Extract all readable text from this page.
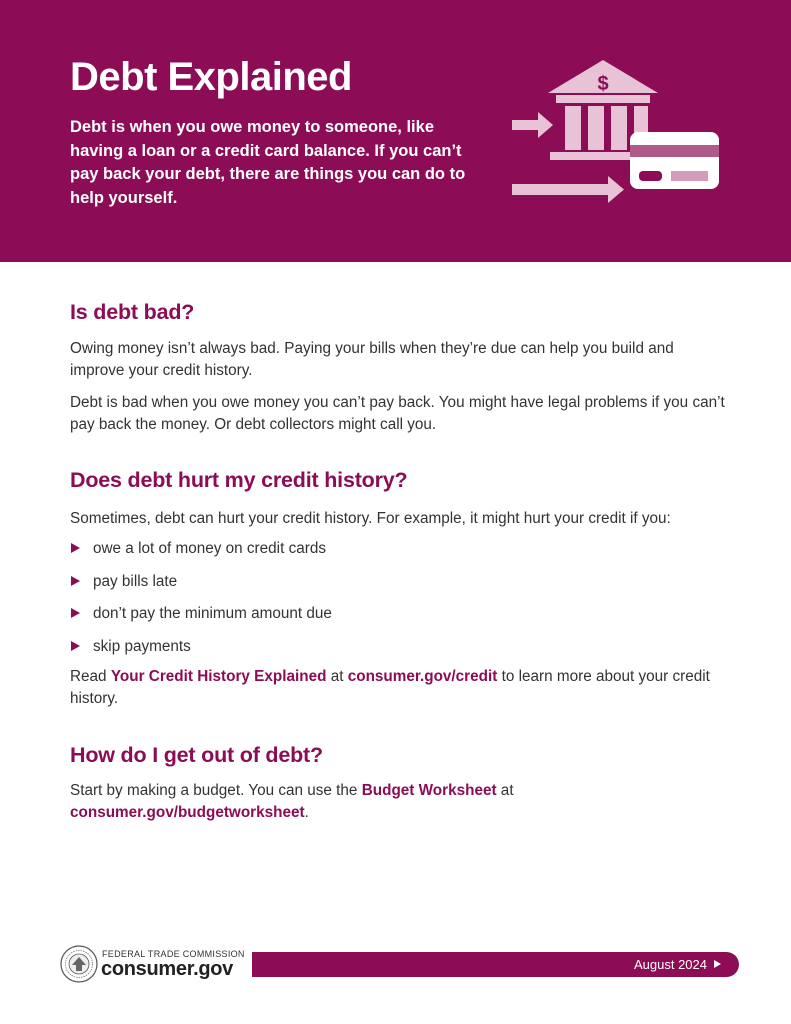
Debt Explained

Debt is when you owe money to someone, like having a loan or a credit card balance. If you can’t pay back your debt, there are things you can do to help yourself.

$
Is debt bad?

Owing money isn’t always bad. Paying your bills when they’re due can help you build and improve your credit history.

Debt is bad when you owe money you can’t pay back. You might have legal problems if you can’t pay back the money. Or debt collectors might call you.

Does debt hurt my credit history?

Sometimes, debt can hurt your credit history. For example, it might hurt your credit if you:

owe a lot of money on credit cards
pay bills late
don’t pay the minimum amount due
skip payments

Read Your Credit History Explained at consumer.gov/credit to learn more about your credit history.

How do I get out of debt?

Start by making a budget. You can use the Budget Worksheet at
consumer.gov/budgetworksheet.

FEDERAL TRADE COMMISSION
consumer.gov	August 2024
